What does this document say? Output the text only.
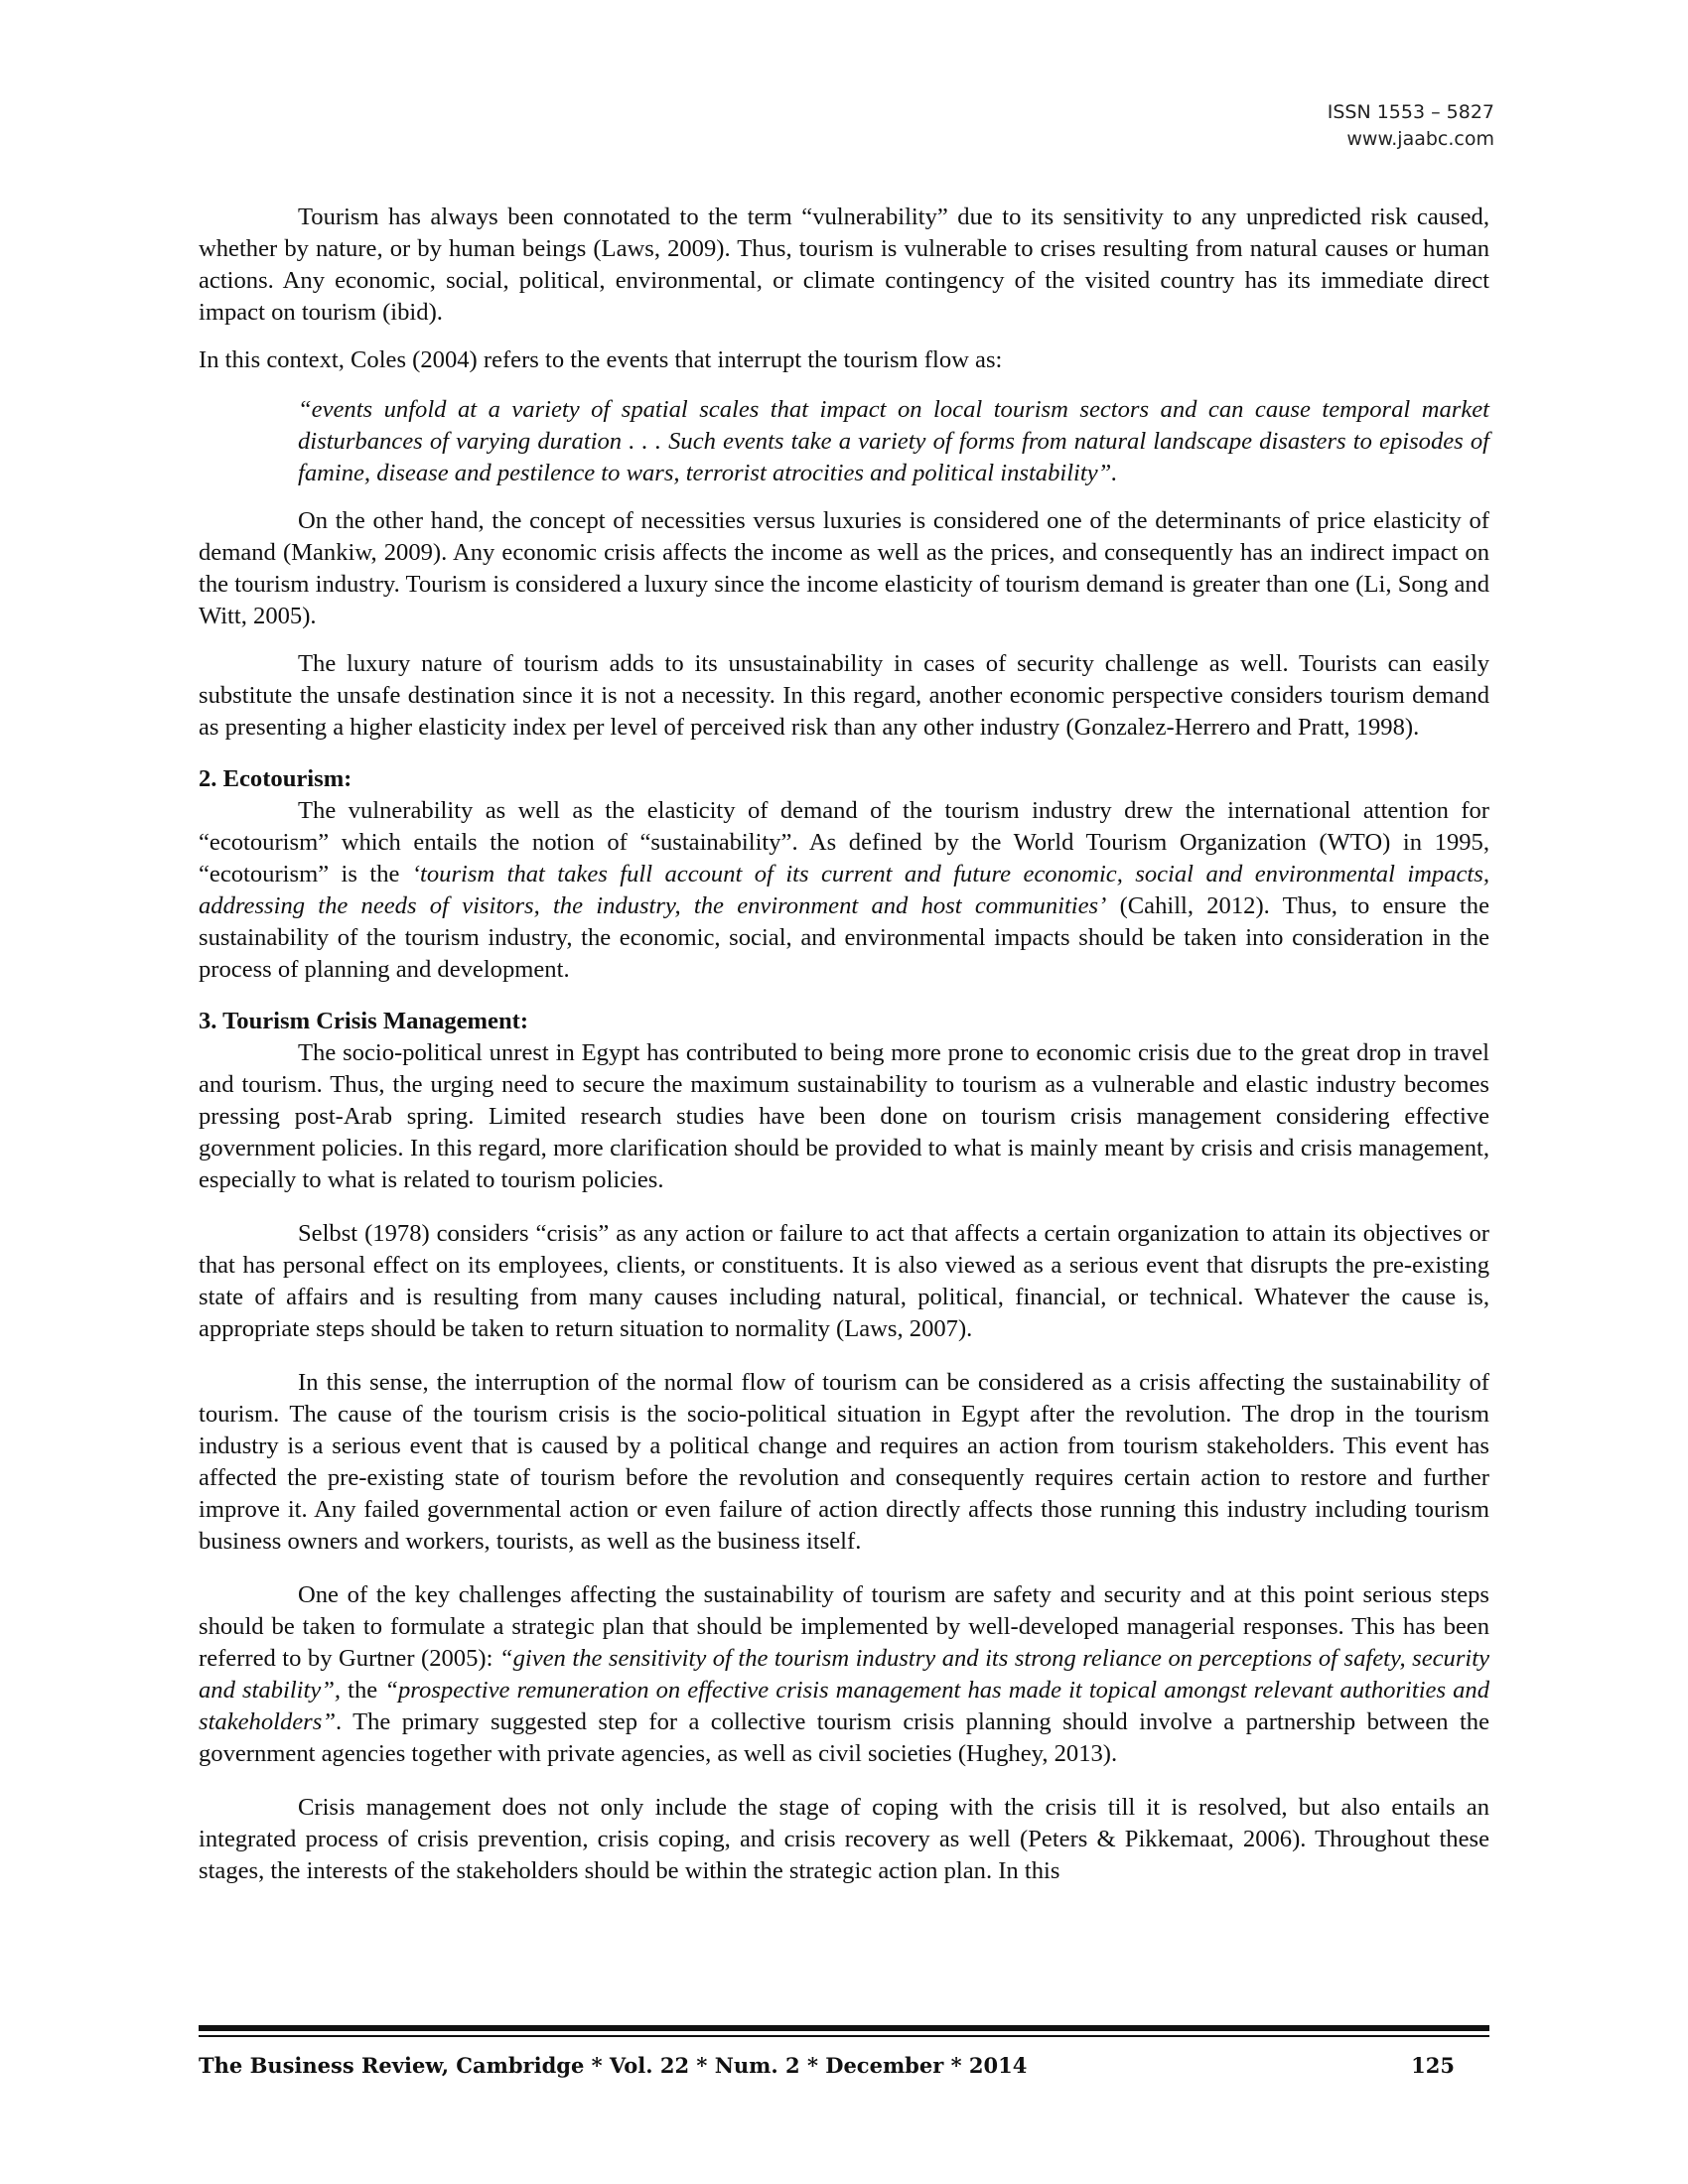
ISSN 1553 – 5827
www.jaabc.com

Tourism has always been connotated to the term “vulnerability” due to its sensitivity to any unpredicted risk caused, whether by nature, or by human beings (Laws, 2009). Thus, tourism is vulnerable to crises resulting from natural causes or human actions. Any economic, social, political, environmental, or climate contingency of the visited country has its immediate direct impact on tourism (ibid).

In this context, Coles (2004) refers to the events that interrupt the tourism flow as:

“events unfold at a variety of spatial scales that impact on local tourism sectors and can cause temporal market disturbances of varying duration . . . Such events take a variety of forms from natural landscape disasters to episodes of famine, disease and pestilence to wars, terrorist atrocities and political instability”.

On the other hand, the concept of necessities versus luxuries is considered one of the determinants of price elasticity of demand (Mankiw, 2009). Any economic crisis affects the income as well as the prices, and consequently has an indirect impact on the tourism industry. Tourism is considered a luxury since the income elasticity of tourism demand is greater than one (Li, Song and Witt, 2005).

The luxury nature of tourism adds to its unsustainability in cases of security challenge as well. Tourists can easily substitute the unsafe destination since it is not a necessity. In this regard, another economic perspective considers tourism demand as presenting a higher elasticity index per level of perceived risk than any other industry (Gonzalez-Herrero and Pratt, 1998).

2. Ecotourism:

The vulnerability as well as the elasticity of demand of the tourism industry drew the international attention for “ecotourism” which entails the notion of “sustainability”. As defined by the World Tourism Organization (WTO) in 1995, “ecotourism” is the ‘tourism that takes full account of its current and future economic, social and environmental impacts, addressing the needs of visitors, the industry, the environment and host communities’ (Cahill, 2012). Thus, to ensure the sustainability of the tourism industry, the economic, social, and environmental impacts should be taken into consideration in the process of planning and development.

3. Tourism Crisis Management:

The socio-political unrest in Egypt has contributed to being more prone to economic crisis due to the great drop in travel and tourism. Thus, the urging need to secure the maximum sustainability to tourism as a vulnerable and elastic industry becomes pressing post-Arab spring. Limited research studies have been done on tourism crisis management considering effective government policies. In this regard, more clarification should be provided to what is mainly meant by crisis and crisis management, especially to what is related to tourism policies.

Selbst (1978) considers “crisis” as any action or failure to act that affects a certain organization to attain its objectives or that has personal effect on its employees, clients, or constituents. It is also viewed as a serious event that disrupts the pre-existing state of affairs and is resulting from many causes including natural, political, financial, or technical. Whatever the cause is, appropriate steps should be taken to return situation to normality (Laws, 2007).

In this sense, the interruption of the normal flow of tourism can be considered as a crisis affecting the sustainability of tourism. The cause of the tourism crisis is the socio-political situation in Egypt after the revolution. The drop in the tourism industry is a serious event that is caused by a political change and requires an action from tourism stakeholders. This event has affected the pre-existing state of tourism before the revolution and consequently requires certain action to restore and further improve it. Any failed governmental action or even failure of action directly affects those running this industry including tourism business owners and workers, tourists, as well as the business itself.

One of the key challenges affecting the sustainability of tourism are safety and security and at this point serious steps should be taken to formulate a strategic plan that should be implemented by well-developed managerial responses. This has been referred to by Gurtner (2005): “given the sensitivity of the tourism industry and its strong reliance on perceptions of safety, security and stability”, the “prospective remuneration on effective crisis management has made it topical amongst relevant authorities and stakeholders”. The primary suggested step for a collective tourism crisis planning should involve a partnership between the government agencies together with private agencies, as well as civil societies (Hughey, 2013).

Crisis management does not only include the stage of coping with the crisis till it is resolved, but also entails an integrated process of crisis prevention, crisis coping, and crisis recovery as well (Peters & Pikkemaat, 2006). Throughout these stages, the interests of the stakeholders should be within the strategic action plan. In this

The Business Review, Cambridge * Vol. 22 * Num. 2 * December * 2014	125
